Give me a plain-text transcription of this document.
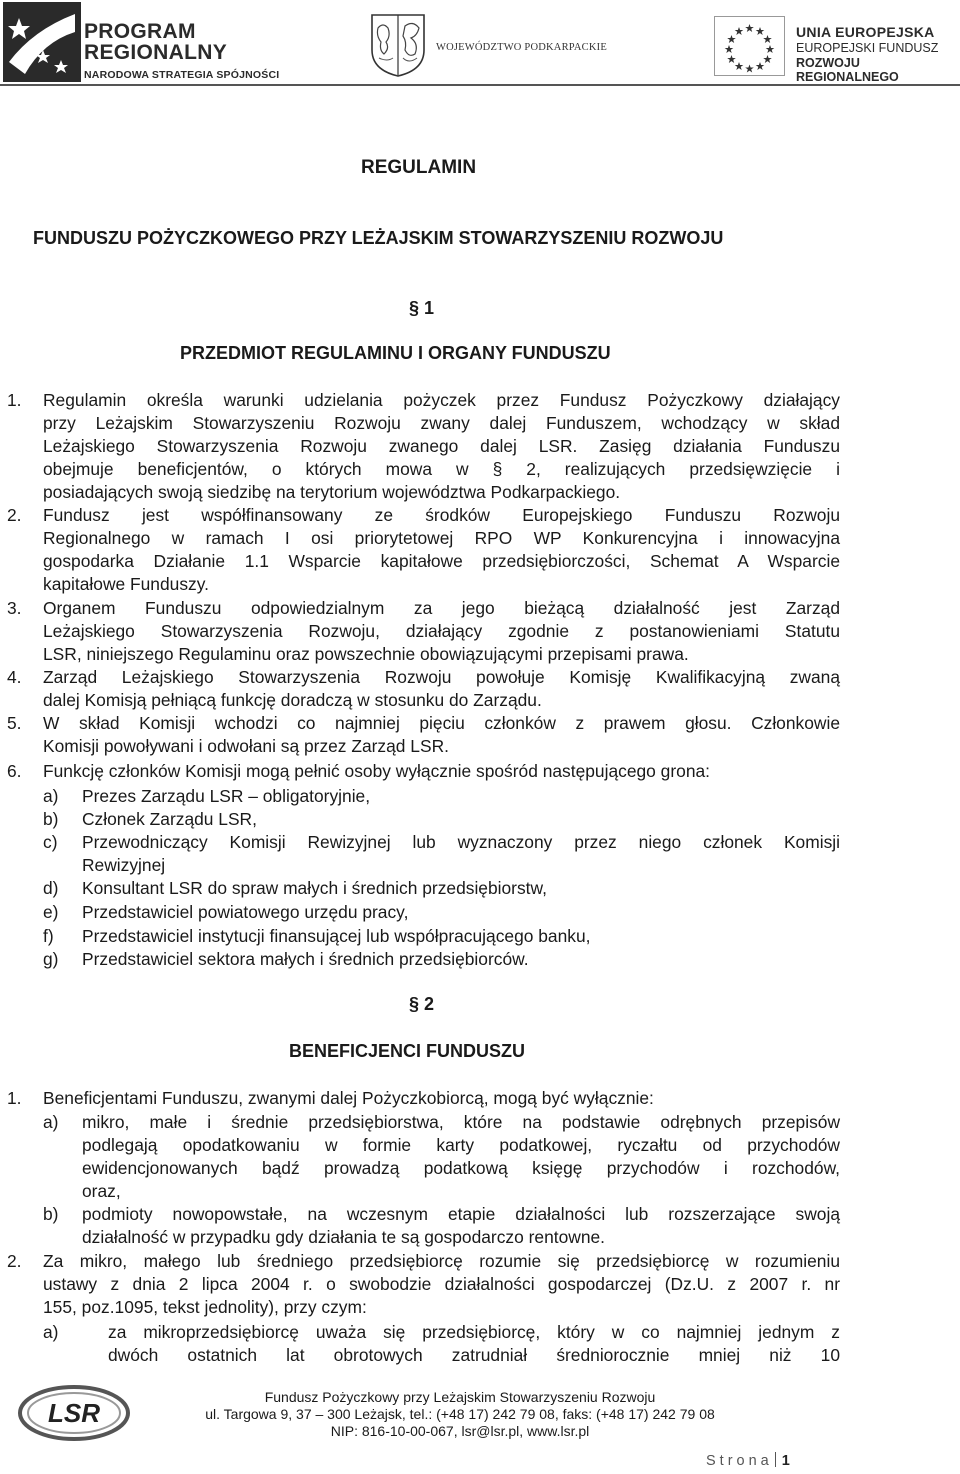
PROGRAM
REGIONALNY
NARODOWA STRATEGIA SPÓJNOŚCI
WOJEWÓDZTWO PODKARPACKIE
UNIA EUROPEJSKA
EUROPEJSKI FUNDUSZ
ROZWOJU REGIONALNEGO
REGULAMIN
FUNDUSZU POŻYCZKOWEGO PRZY LEŻAJSKIM STOWARZYSZENIU ROZWOJU
§ 1
PRZEDMIOT REGULAMINU I ORGANY FUNDUSZU
1. Regulamin określa warunki udzielania pożyczek przez Fundusz Pożyczkowy działający
przy Leżajskim Stowarzyszeniu Rozwoju zwany dalej Funduszem, wchodzący w skład
Leżajskiego Stowarzyszenia Rozwoju zwanego dalej LSR. Zasięg działania Funduszu
obejmuje beneficjentów, o których mowa w § 2, realizujących przedsięwzięcie i
posiadających swoją siedzibę na terytorium województwa Podkarpackiego.
2. Fundusz jest współfinansowany ze środków Europejskiego Funduszu Rozwoju
Regionalnego w ramach I osi priorytetowej RPO WP Konkurencyjna i innowacyjna
gospodarka Działanie 1.1 Wsparcie kapitałowe przedsiębiorczości, Schemat A Wsparcie
kapitałowe Funduszy.
3. Organem Funduszu odpowiedzialnym za jego bieżącą działalność jest Zarząd
Leżajskiego Stowarzyszenia Rozwoju, działający zgodnie z postanowieniami Statutu
LSR, niniejszego Regulaminu oraz powszechnie obowiązującymi przepisami prawa.
4. Zarząd Leżajskiego Stowarzyszenia Rozwoju powołuje Komisję Kwalifikacyjną zwaną
dalej Komisją pełniącą funkcję doradczą w stosunku do Zarządu.
5. W skład Komisji wchodzi co najmniej pięciu członków z prawem głosu. Członkowie
Komisji powoływani i odwołani są przez Zarząd LSR.
6. Funkcję członków Komisji mogą pełnić osoby wyłącznie spośród następującego grona:
a) Prezes Zarządu LSR – obligatoryjnie,
b) Członek Zarządu LSR,
c) Przewodniczący Komisji Rewizyjnej lub wyznaczony przez niego członek Komisji
Rewizyjnej
d) Konsultant LSR do spraw małych i średnich przedsiębiorstw,
e) Przedstawiciel powiatowego urzędu pracy,
f) Przedstawiciel instytucji finansującej lub współpracującego banku,
g) Przedstawiciel sektora małych i średnich przedsiębiorców.
§ 2
BENEFICJENCI FUNDUSZU
1. Beneficjentami Funduszu, zwanymi dalej Pożyczkobiorcą, mogą być wyłącznie:
a) mikro, małe i średnie przedsiębiorstwa, które na podstawie odrębnych przepisów
podlegają opodatkowaniu w formie karty podatkowej, ryczałtu od przychodów
ewidencjonowanych bądź prowadzą podatkową księgę przychodów i rozchodów,
oraz,
b) podmioty nowopowstałe, na wczesnym etapie działalności lub rozszerzające swoją
działalność w przypadku gdy działania te są gospodarczo rentowne.
2. Za mikro, małego lub średniego przedsiębiorcę rozumie się przedsiębiorcę w rozumieniu
ustawy z dnia 2 lipca 2004 r. o swobodzie działalności gospodarczej (Dz.U. z 2007 r. nr
155, poz.1095, tekst jednolity), przy czym:
a)	za mikroprzedsiębiorcę uważa się przedsiębiorcę, który w co najmniej jednym z
dwóch ostatnich lat obrotowych zatrudniał średniorocznie mniej niż 10
LSR
Fundusz Pożyczkowy przy Leżajskim Stowarzyszeniu Rozwoju
ul. Targowa 9, 37 – 300 Leżajsk, tel.: (+48 17) 242 79 08, faks: (+48 17) 242 79 08
NIP: 816-10-00-067, lsr@lsr.pl, www.lsr.pl
Strona 1
